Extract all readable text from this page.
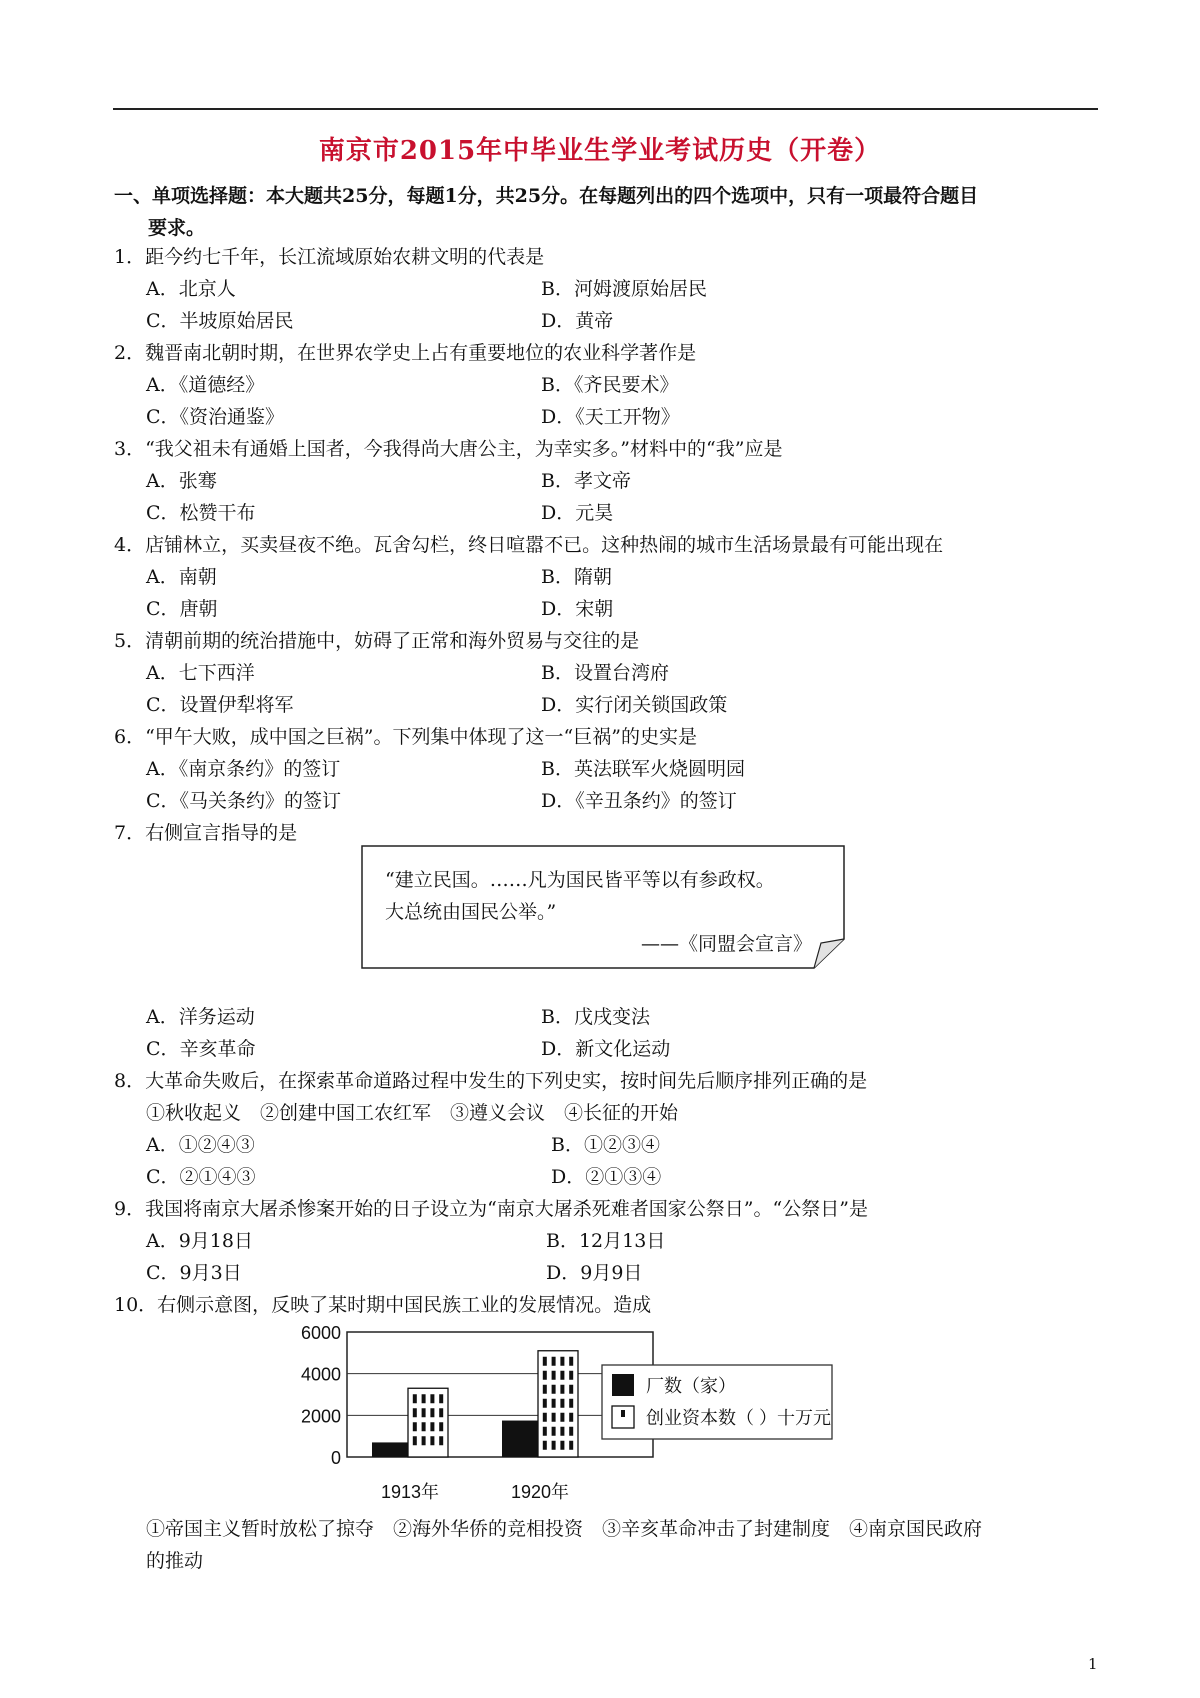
南京市2015年中毕业生学业考试历史（开卷）
一、单项选择题：本大题共25分，每题1分，共25分。在每题列出的四个选项中，只有一项最符合题目
要求。
1．距今约七千年，长江流域原始农耕文明的代表是
A．北京人	B．河姆渡原始居民
C．半坡原始居民	D．黄帝
2．魏晋南北朝时期，在世界农学史上占有重要地位的农业科学著作是
A．《道德经》	B．《齐民要术》
C．《资治通鉴》	D．《天工开物》
3．“我父祖未有通婚上国者，今我得尚大唐公主，为幸实多。”材料中的“我”应是
A．张骞	B．孝文帝
C．松赞干布	D．元昊
4．店铺林立，买卖昼夜不绝。瓦舍勾栏，终日喧嚣不已。这种热闹的城市生活场景最有可能出现在
A．南朝	B．隋朝
C．唐朝	D．宋朝
5．清朝前期的统治措施中，妨碍了正常和海外贸易与交往的是
A．七下西洋	B．设置台湾府
C．设置伊犁将军	D．实行闭关锁国政策
6．“甲午大败，成中国之巨祸”。下列集中体现了这一“巨祸”的史实是
A．《南京条约》的签订	B．英法联军火烧圆明园
C．《马关条约》的签订	D．《辛丑条约》的签订
7．右侧宣言指导的是
“建立民国。……凡为国民皆平等以有参政权。
大总统由国民公举。”
——《同盟会宣言》
A．洋务运动	B．戊戌变法
C．辛亥革命	D．新文化运动
8．大革命失败后，在探索革命道路过程中发生的下列史实，按时间先后顺序排列正确的是
①秋收起义　②创建中国工农红军　③遵义会议　④长征的开始
A．①②④③	B．①②③④
C．②①④③	D．②①③④
9．我国将南京大屠杀惨案开始的日子设立为“南京大屠杀死难者国家公祭日”。“公祭日”是
A．9月18日	B．12月13日
C．9月3日	D．9月9日
10．右侧示意图，反映了某时期中国民族工业的发展情况。造成
6000
4000
2000
0
1913年	1920年
厂数（家）
创业资本数（ ）十万元
①帝国主义暂时放松了掠夺　②海外华侨的竞相投资　③辛亥革命冲击了封建制度　④南京国民政府
的推动
1
